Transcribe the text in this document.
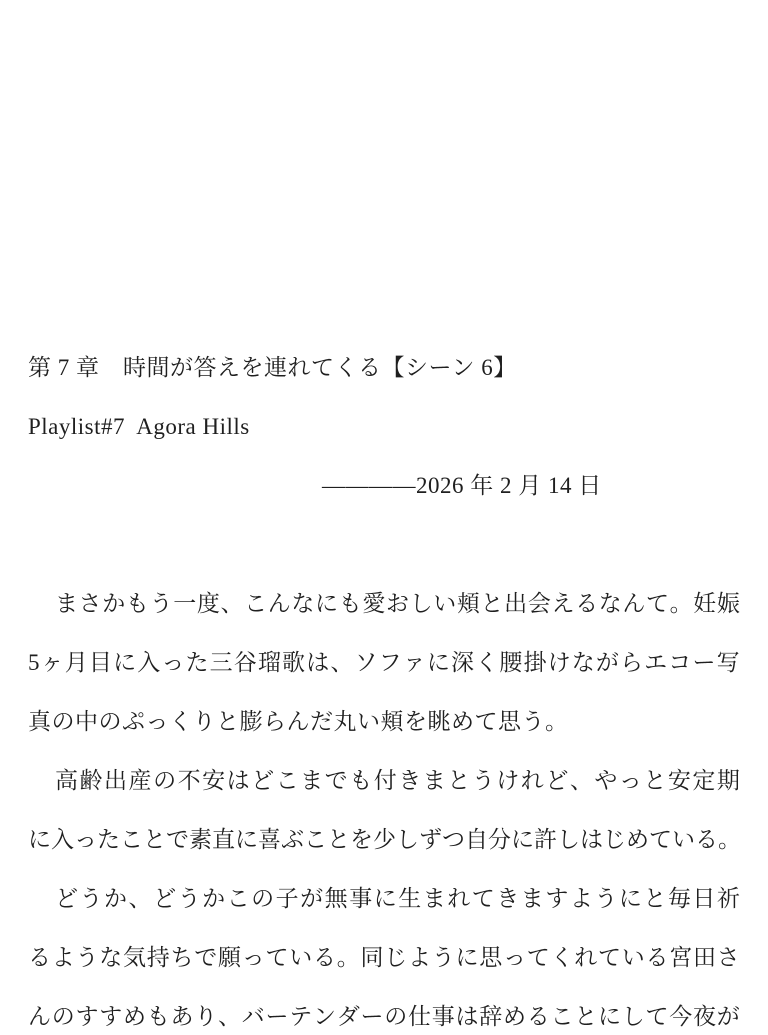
第 7 章　時間が答えを連れてくる【シーン 6】
Playlist#7  Agora Hills
――――2026 年 2 月 14 日
ま さ か も う 一 度 、 こ ん な に も 愛 お し い 頬 と 出 会 え る な ん て 。 妊 娠
5 ヶ 月 目 に 入 っ た 三 谷 瑠 歌 は 、 ソ フ ァ に 深 く 腰 掛 け な が ら エ コ ー 写
真の中のぷっくりと膨らんだ丸い頬を眺めて思う。
高 齢 出 産 の 不 安 は ど こ ま で も 付 き ま と う け れ ど 、 や っ と 安 定 期
に 入 っ た こ と で 素 直 に 喜 ぶ こ と を 少 し ず つ 自 分 に 許 し は じ め て い る 。
ど う か 、 ど う か こ の 子 が 無 事 に 生 ま れ て き ま す よ う に と 毎 日 祈
る よ う な 気 持 ち で 願 っ て い る 。 同 じ よ う に 思 っ て く れ て い る 宮 田 さ
ん の す す め も あ り 、 バ ー テ ン ダ ー の 仕 事 は 辞 め る こ と に し て 今 夜 が
